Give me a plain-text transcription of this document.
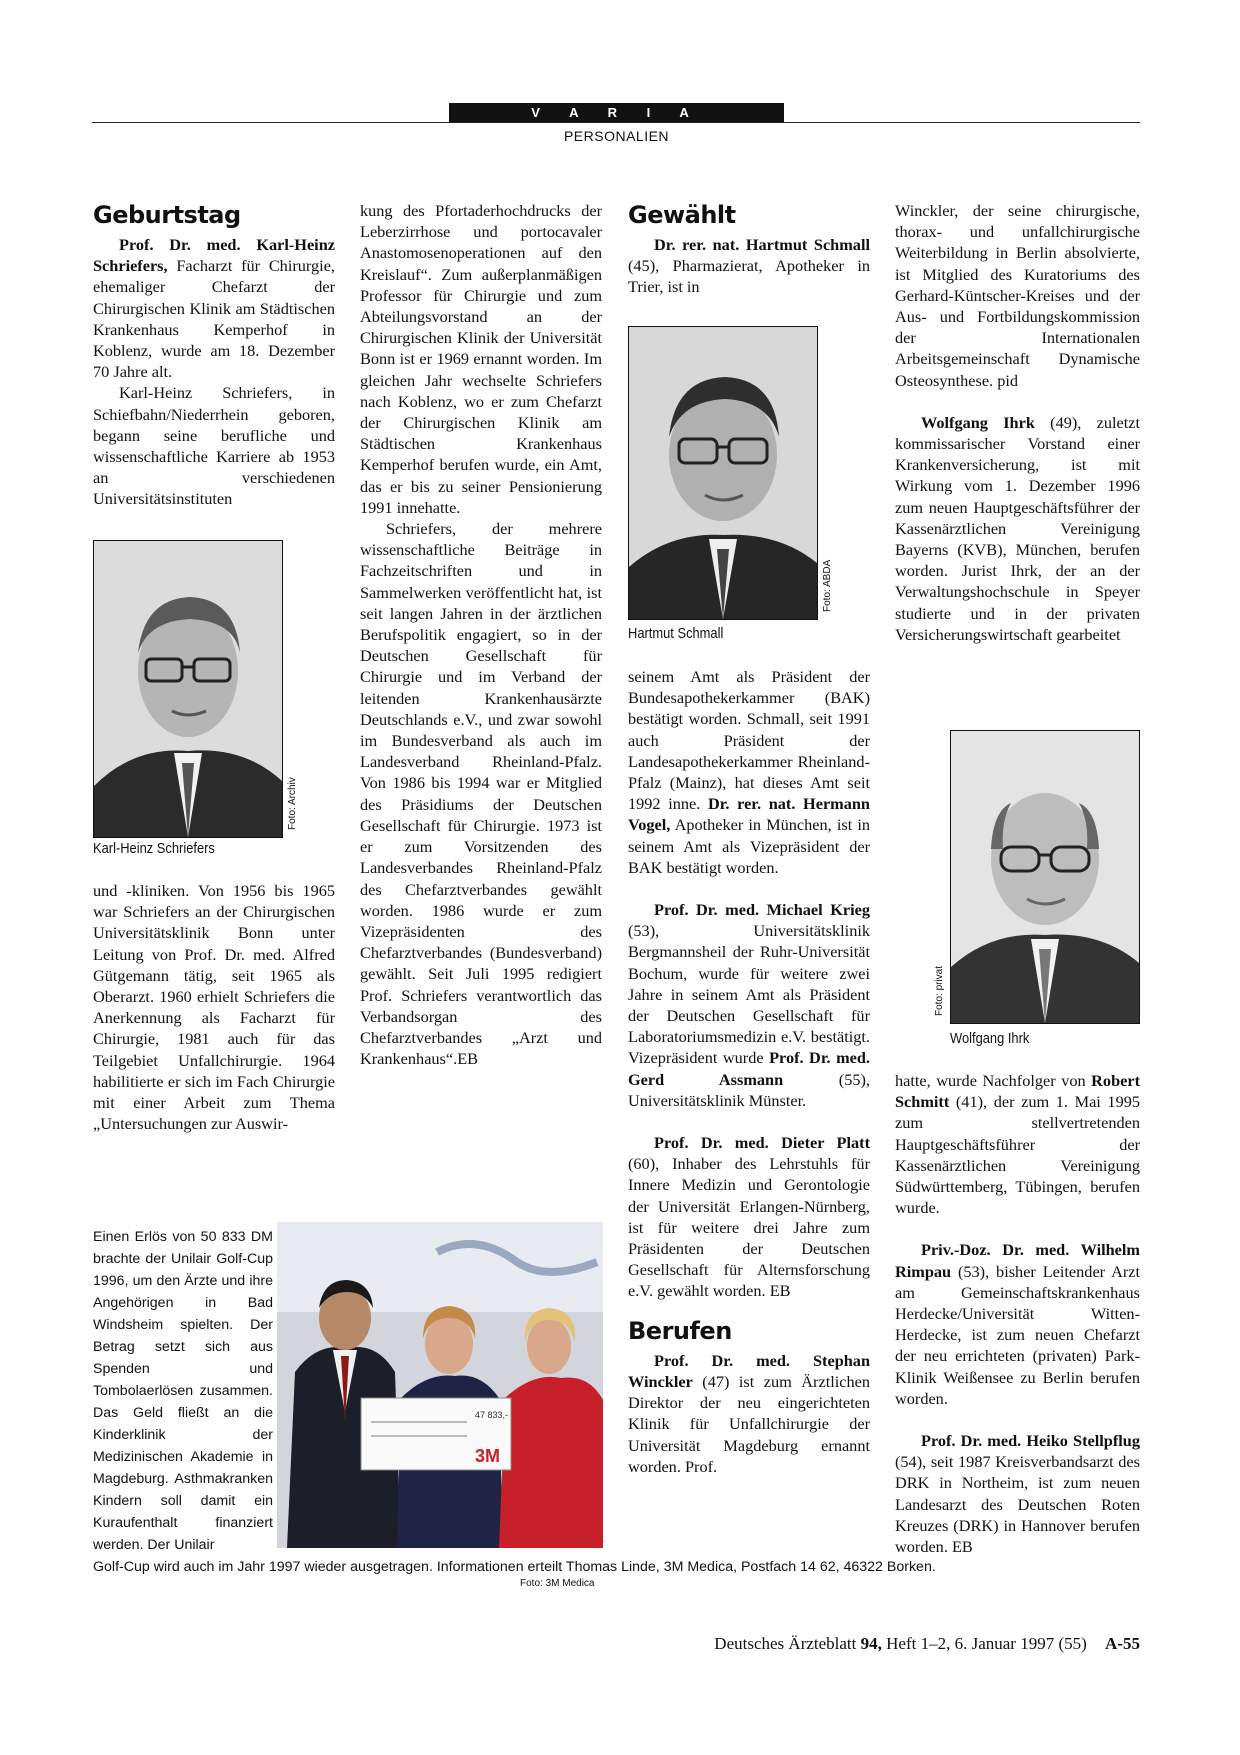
V A R I A
PERSONALIEN
Geburtstag

Prof. Dr. med. Karl-Heinz Schriefers, Facharzt für Chirurgie, ehemaliger Chefarzt der Chirurgischen Klinik am Städtischen Krankenhaus Kemperhof in Koblenz, wurde am 18. Dezember 70 Jahre alt.

Karl-Heinz Schriefers, in Schiefbahn/Niederrhein geboren, begann seine berufliche und wissenschaftliche Karriere ab 1953 an verschiedenen Universitätsinstituten

Foto: Archiv
Karl-Heinz Schriefers

und -kliniken. Von 1956 bis 1965 war Schriefers an der Chirurgischen Universitätsklinik Bonn unter Leitung von Prof. Dr. med. Alfred Gütgemann tätig, seit 1965 als Oberarzt. 1960 erhielt Schriefers die Anerkennung als Facharzt für Chirurgie, 1981 auch für das Teilgebiet Unfallchirurgie. 1964 habilitierte er sich im Fach Chirurgie mit einer Arbeit zum Thema „Untersuchungen zur Auswir-

kung des Pfortaderhochdrucks der Leberzirrhose und portocavaler Anastomosenoperationen auf den Kreislauf“. Zum außerplanmäßigen Professor für Chirurgie und zum Abteilungsvorstand an der Chirurgischen Klinik der Universität Bonn ist er 1969 ernannt worden. Im gleichen Jahr wechselte Schriefers nach Koblenz, wo er zum Chefarzt der Chirurgischen Klinik am Städtischen Krankenhaus Kemperhof berufen wurde, ein Amt, das er bis zu seiner Pensionierung 1991 innehatte.

Schriefers, der mehrere wissenschaftliche Beiträge in Fachzeitschriften und in Sammelwerken veröffentlicht hat, ist seit langen Jahren in der ärztlichen Berufspolitik engagiert, so in der Deutschen Gesellschaft für Chirurgie und im Verband der leitenden Krankenhausärzte Deutschlands e.V., und zwar sowohl im Bundesverband als auch im Landesverband Rheinland-Pfalz. Von 1986 bis 1994 war er Mitglied des Präsidiums der Deutschen Gesellschaft für Chirurgie. 1973 ist er zum Vorsitzenden des Landesverbandes Rheinland-Pfalz des Chefarztverbandes gewählt worden. 1986 wurde er zum Vizepräsidenten des Chefarztverbandes (Bundesverband) gewählt. Seit Juli 1995 redigiert Prof. Schriefers verantwortlich das Verbandsorgan des Chefarztverbandes „Arzt und Krankenhaus“.EB

Gewählt

Dr. rer. nat. Hartmut Schmall (45), Pharmazierat, Apotheker in Trier, ist in

Foto: ABDA
Hartmut Schmall

seinem Amt als Präsident der Bundesapothekerkammer (BAK) bestätigt worden. Schmall, seit 1991 auch Präsident der Landesapothekerkammer Rheinland-Pfalz (Mainz), hat dieses Amt seit 1992 inne. Dr. rer. nat. Hermann Vogel, Apotheker in München, ist in seinem Amt als Vizepräsident der BAK bestätigt worden.

Prof. Dr. med. Michael Krieg (53), Universitätsklinik Bergmannsheil der Ruhr-Universität Bochum, wurde für weitere zwei Jahre in seinem Amt als Präsident der Deutschen Gesellschaft für Laboratoriumsmedizin e.V. bestätigt. Vizepräsident wurde Prof. Dr. med. Gerd Assmann (55), Universitätsklinik Münster.

Prof. Dr. med. Dieter Platt (60), Inhaber des Lehrstuhls für Innere Medizin und Gerontologie der Universität Erlangen-Nürnberg, ist für weitere drei Jahre zum Präsidenten der Deutschen Gesellschaft für Alternsforschung e.V. gewählt worden. EB

Berufen

Prof. Dr. med. Stephan Winckler (47) ist zum Ärztlichen Direktor der neu eingerichteten Klinik für Unfallchirurgie der Universität Magdeburg ernannt worden. Prof.

Winckler, der seine chirurgische, thorax- und unfallchirurgische Weiterbildung in Berlin absolvierte, ist Mitglied des Kuratoriums des Gerhard-Küntscher-Kreises und der Aus- und Fortbildungskommission der Internationalen Arbeitsgemeinschaft Dynamische Osteosynthese. pid

Wolfgang Ihrk (49), zuletzt kommissarischer Vorstand einer Krankenversicherung, ist mit Wirkung vom 1. Dezember 1996 zum neuen Hauptgeschäftsführer der Kassenärztlichen Vereinigung Bayerns (KVB), München, berufen worden. Jurist Ihrk, der an der Verwaltungshochschule in Speyer studierte und in der privaten Versicherungswirtschaft gearbeitet

Foto: privat
Wolfgang Ihrk

hatte, wurde Nachfolger von Robert Schmitt (41), der zum 1. Mai 1995 zum stellvertretenden Hauptgeschäftsführer der Kassenärztlichen Vereinigung Südwürttemberg, Tübingen, berufen wurde.

Priv.-Doz. Dr. med. Wilhelm Rimpau (53), bisher Leitender Arzt am Gemeinschaftskrankenhaus Herdecke/Universität Witten-Herdecke, ist zum neuen Chefarzt der neu errichteten (privaten) Park-Klinik Weißensee zu Berlin berufen worden.

Prof. Dr. med. Heiko Stellpflug (54), seit 1987 Kreisverbandsarzt des DRK in Northeim, ist zum neuen Landesarzt des Deutschen Roten Kreuzes (DRK) in Hannover berufen worden. EB

Einen Erlös von 50 833 DM brachte der Unilair Golf-Cup 1996, um den Ärzte und ihre Angehörigen in Bad Windsheim spielten. Der Betrag setzt sich aus Spenden und Tombolaerlösen zusammen. Das Geld fließt an die Kinderklinik der Medizinischen Akademie in Magdeburg. Asthmakranken Kindern soll damit ein Kuraufenthalt finanziert werden. Der Unilair
47 833,-
3M
Golf-Cup wird auch im Jahr 1997 wieder ausgetragen. Informationen erteilt Thomas Linde, 3M Medica, Postfach 14 62, 46322 Borken.
Foto: 3M Medica
Deutsches Ärzteblatt 94, Heft 1–2, 6. Januar 1997 (55) A-55
